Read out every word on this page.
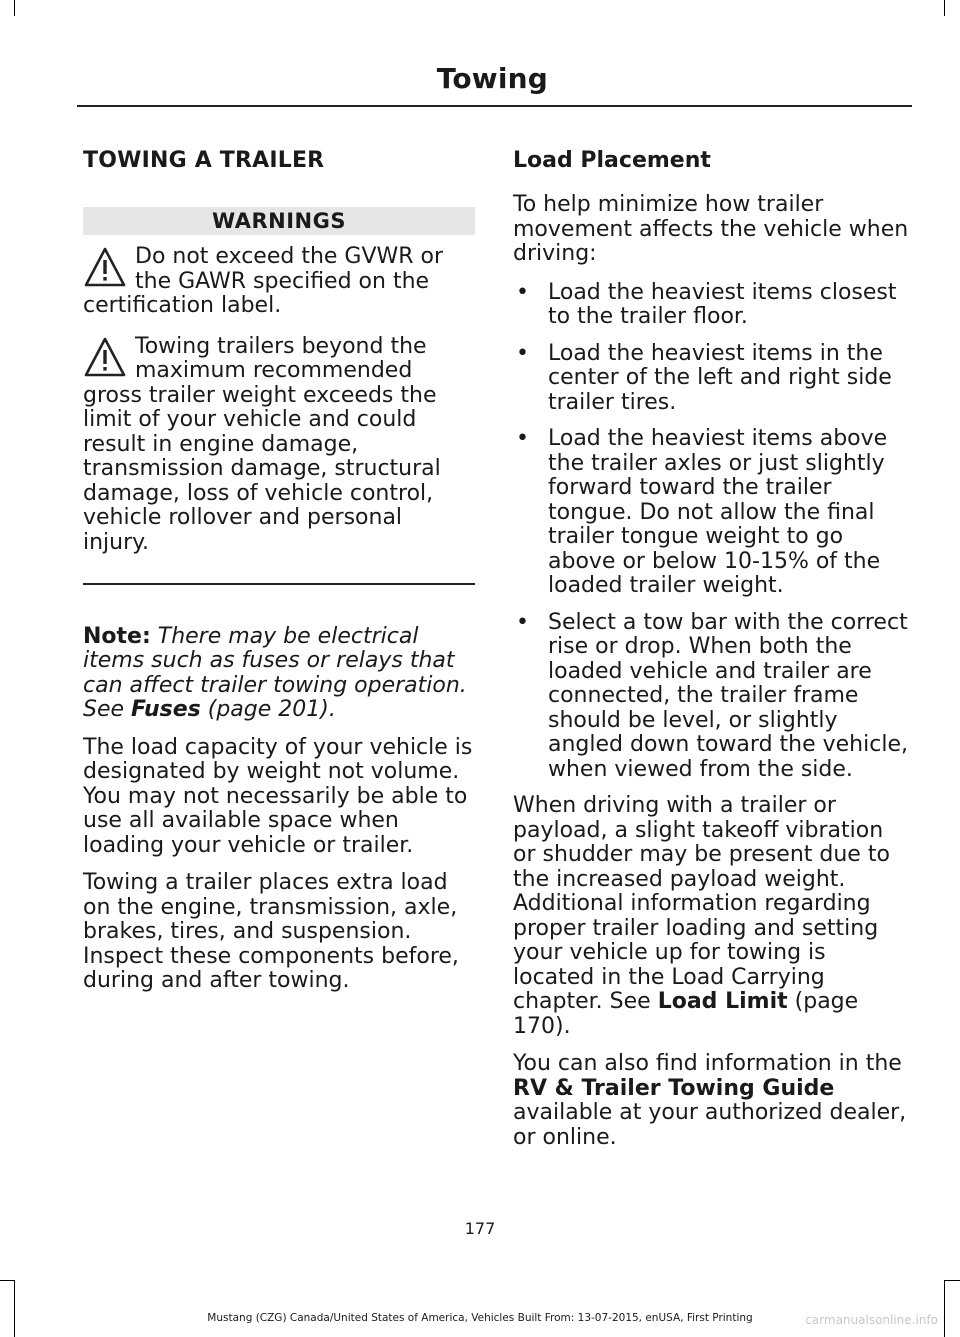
Towing
TOWING A TRAILER
WARNINGS
Do not exceed the GVWR or the GAWR specified on the certification label.
Towing trailers beyond the maximum recommended gross trailer weight exceeds the limit of your vehicle and could result in engine damage, transmission damage, structural damage, loss of vehicle control, vehicle rollover and personal injury.

Note: There may be electrical items such as fuses or relays that can affect trailer towing operation. See Fuses (page 201).

The load capacity of your vehicle is designated by weight not volume. You may not necessarily be able to use all available space when loading your vehicle or trailer.

Towing a trailer places extra load on the engine, transmission, axle, brakes, tires, and suspension. Inspect these components before, during and after towing.

Load Placement

To help minimize how trailer movement affects the vehicle when driving:

• Load the heaviest items closest to the trailer floor.
• Load the heaviest items in the center of the left and right side trailer tires.
• Load the heaviest items above the trailer axles or just slightly forward toward the trailer tongue. Do not allow the final trailer tongue weight to go above or below 10-15% of the loaded trailer weight.
• Select a tow bar with the correct rise or drop. When both the loaded vehicle and trailer are connected, the trailer frame should be level, or slightly angled down toward the vehicle, when viewed from the side.

When driving with a trailer or payload, a slight takeoff vibration or shudder may be present due to the increased payload weight. Additional information regarding proper trailer loading and setting your vehicle up for towing is located in the Load Carrying chapter. See Load Limit (page 170).

You can also find information in the RV & Trailer Towing Guide available at your authorized dealer, or online.

177
Mustang (CZG) Canada/United States of America, Vehicles Built From: 13-07-2015, enUSA, First Printing	carmanualsonline.info
